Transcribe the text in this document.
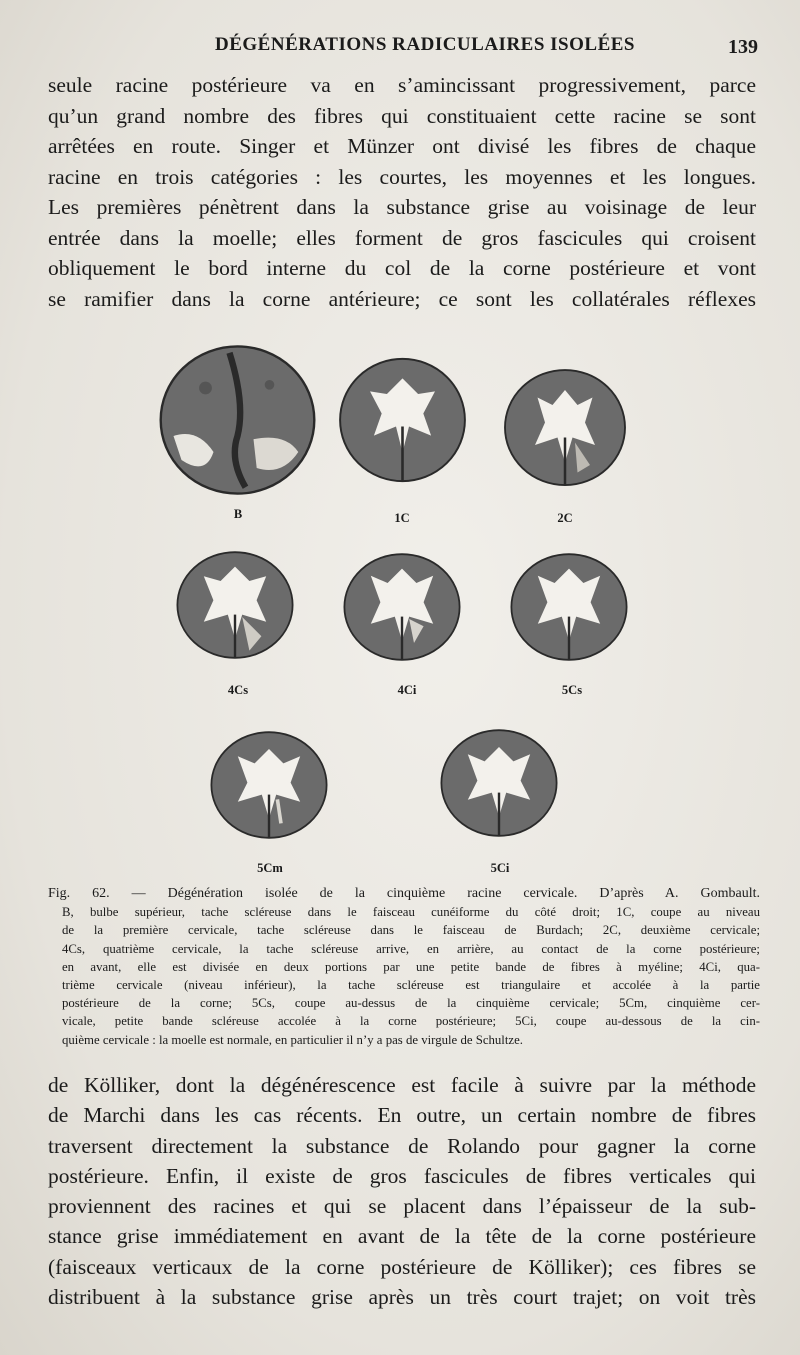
DÉGÉNÉRATIONS RADICULAIRES ISOLÉES	139
seule racine postérieure va en s’amincissant progressivement, parce
qu’un grand nombre des fibres qui constituaient cette racine se sont
arrêtées en route. Singer et Münzer ont divisé les fibres de chaque
racine en trois catégories : les courtes, les moyennes et les longues.
Les premières pénètrent dans la substance grise au voisinage de leur
entrée dans la moelle; elles forment de gros fascicules qui croisent
obliquement le bord interne du col de la corne postérieure et vont
se ramifier dans la corne antérieure; ce sont les collatérales réflexes
B	1C	2C
4Cs	4Ci	5Cs
5Cm	5Ci
Fig. 62. — Dégénération isolée de la cinquième racine cervicale. D’après A. Gombault.
B, bulbe supérieur, tache scléreuse dans le faisceau cunéiforme du côté droit; 1C, coupe au niveau
de la première cervicale, tache scléreuse dans le faisceau de Burdach; 2C, deuxième cervicale;
4Cs, quatrième cervicale, la tache scléreuse arrive, en arrière, au contact de la corne postérieure;
en avant, elle est divisée en deux portions par une petite bande de fibres à myéline; 4Ci, qua-
trième cervicale (niveau inférieur), la tache scléreuse est triangulaire et accolée à la partie
postérieure de la corne; 5Cs, coupe au-dessus de la cinquième cervicale; 5Cm, cinquième cer-
vicale, petite bande scléreuse accolée à la corne postérieure; 5Ci, coupe au-dessous de la cin-
quième cervicale : la moelle est normale, en particulier il n’y a pas de virgule de Schultze.
de Kölliker, dont la dégénérescence est facile à suivre par la méthode
de Marchi dans les cas récents. En outre, un certain nombre de fibres
traversent directement la substance de Rolando pour gagner la corne
postérieure. Enfin, il existe de gros fascicules de fibres verticales qui
proviennent des racines et qui se placent dans l’épaisseur de la sub-
stance grise immédiatement en avant de la tête de la corne postérieure
(faisceaux verticaux de la corne postérieure de Kölliker); ces fibres se
distribuent à la substance grise après un très court trajet; on voit très
